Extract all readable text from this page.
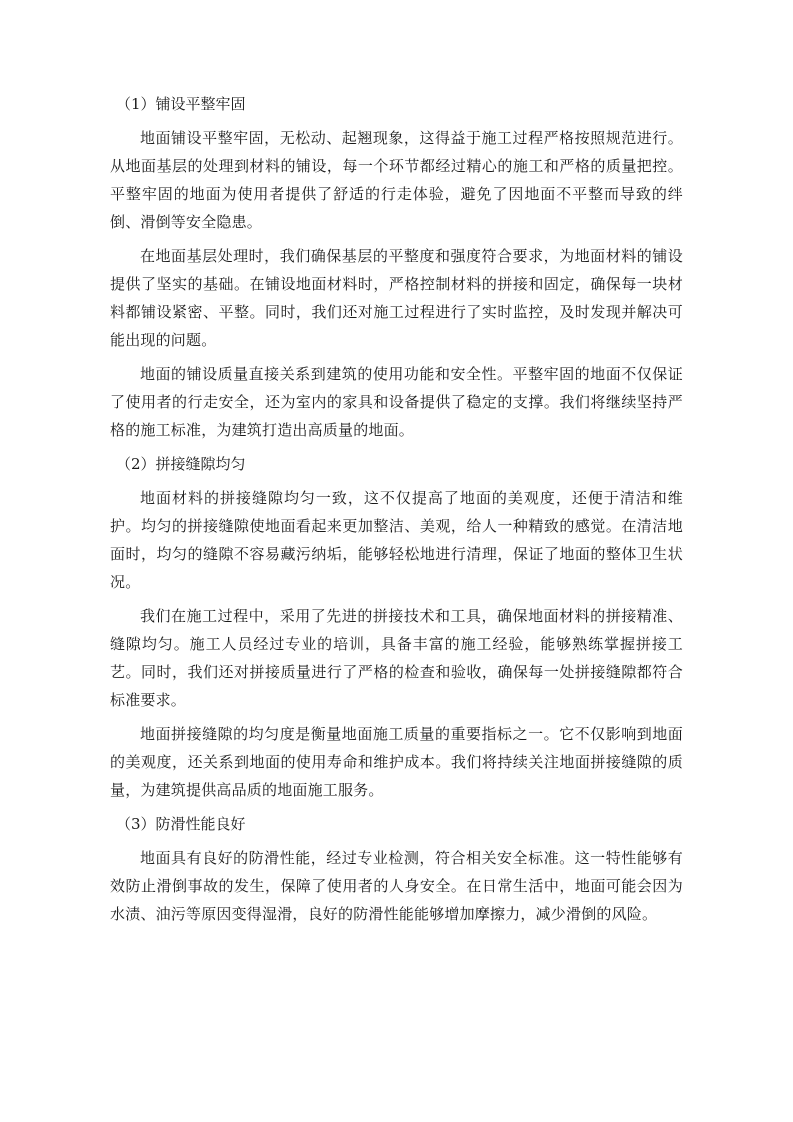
（1）铺设平整牢固

地面铺设平整牢固，无松动、起翘现象，这得益于施工过程严格按照规范进行。从地面基层的处理到材料的铺设，每一个环节都经过精心的施工和严格的质量把控。平整牢固的地面为使用者提供了舒适的行走体验，避免了因地面不平整而导致的绊倒、滑倒等安全隐患。

在地面基层处理时，我们确保基层的平整度和强度符合要求，为地面材料的铺设提供了坚实的基础。在铺设地面材料时，严格控制材料的拼接和固定，确保每一块材料都铺设紧密、平整。同时，我们还对施工过程进行了实时监控，及时发现并解决可能出现的问题。

地面的铺设质量直接关系到建筑的使用功能和安全性。平整牢固的地面不仅保证了使用者的行走安全，还为室内的家具和设备提供了稳定的支撑。我们将继续坚持严格的施工标准，为建筑打造出高质量的地面。

（2）拼接缝隙均匀

地面材料的拼接缝隙均匀一致，这不仅提高了地面的美观度，还便于清洁和维护。均匀的拼接缝隙使地面看起来更加整洁、美观，给人一种精致的感觉。在清洁地面时，均匀的缝隙不容易藏污纳垢，能够轻松地进行清理，保证了地面的整体卫生状况。

我们在施工过程中，采用了先进的拼接技术和工具，确保地面材料的拼接精准、缝隙均匀。施工人员经过专业的培训，具备丰富的施工经验，能够熟练掌握拼接工艺。同时，我们还对拼接质量进行了严格的检查和验收，确保每一处拼接缝隙都符合标准要求。

地面拼接缝隙的均匀度是衡量地面施工质量的重要指标之一。它不仅影响到地面的美观度，还关系到地面的使用寿命和维护成本。我们将持续关注地面拼接缝隙的质量，为建筑提供高品质的地面施工服务。

（3）防滑性能良好

地面具有良好的防滑性能，经过专业检测，符合相关安全标准。这一特性能够有效防止滑倒事故的发生，保障了使用者的人身安全。在日常生活中，地面可能会因为水渍、油污等原因变得湿滑，良好的防滑性能能够增加摩擦力，减少滑倒的风险。
